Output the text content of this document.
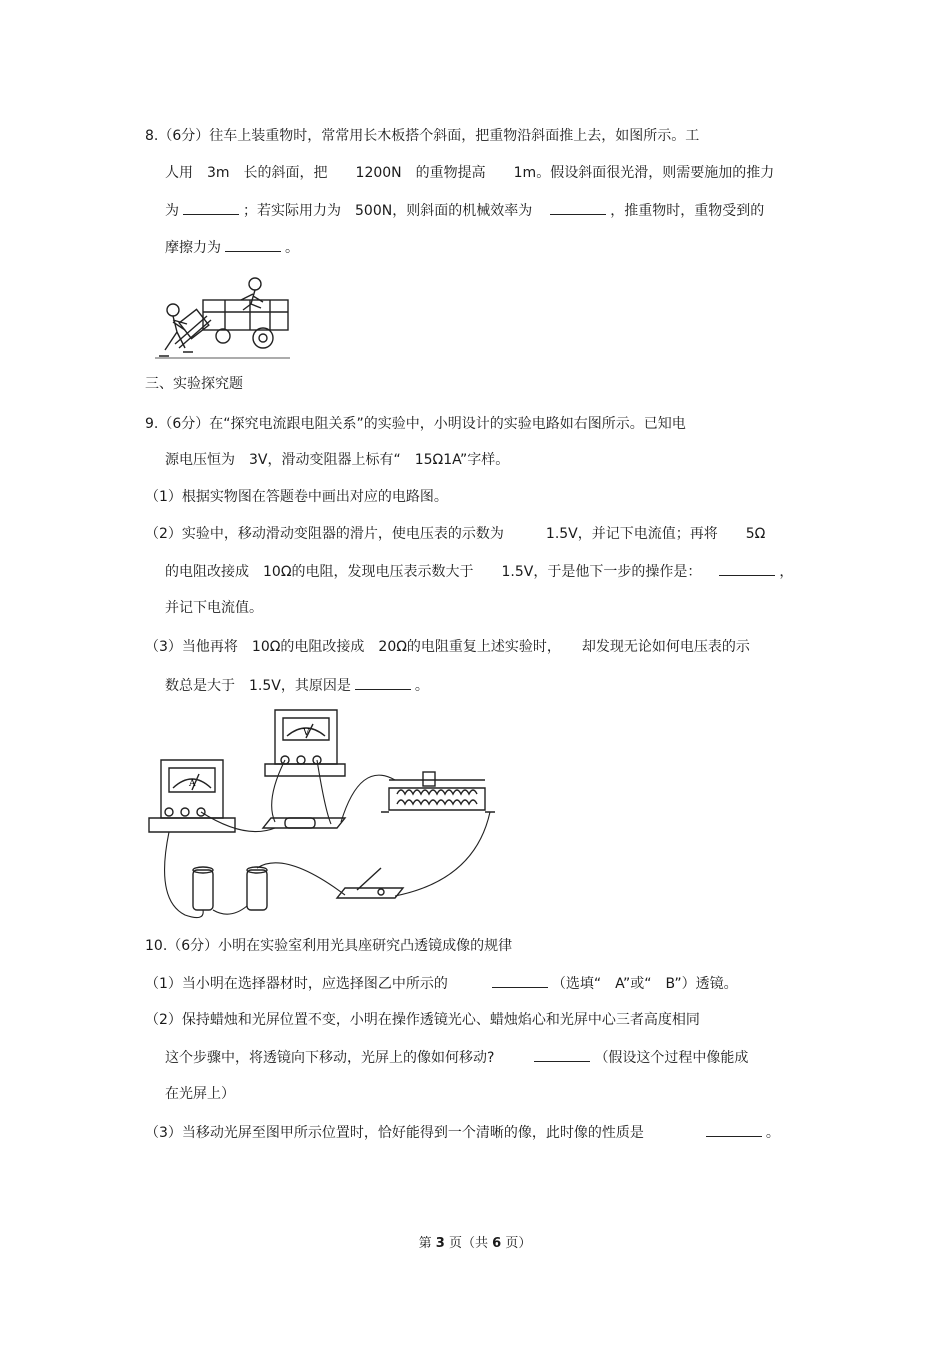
8.（6分）往车上装重物时，常常用长木板搭个斜面，把重物沿斜面推上去，如图所示。工
人用　3m　长的斜面，把　　1200N　的重物提高　　1m。假设斜面很光滑，则需要施加的推力
为	；若实际用力为　500N，则斜面的机械效率为	，推重物时，重物受到的
摩擦力为	。
三、实验探究题
9.（6分）在“探究电流跟电阻关系”的实验中，小明设计的实验电路如右图所示。已知电
源电压恒为　3V，滑动变阻器上标有“　15Ω1A”字样。
（1）根据实物图在答题卷中画出对应的电路图。
（2）实验中，移动滑动变阻器的滑片，使电压表的示数为　　　1.5V，并记下电流值；再将　　5Ω
的电阻改接成　10Ω的电阻，发现电压表示数大于　　1.5V，于是他下一步的操作是：	，
并记下电流值。
（3）当他再将　10Ω的电阻改接成　20Ω的电阻重复上述实验时，　　却发现无论如何电压表的示
数总是大于　1.5V，其原因是	。
A
V
10.（6分）小明在实验室利用光具座研究凸透镜成像的规律
（1）当小明在选择器材时，应选择图乙中所示的	（选填“　A”或“　B”）透镜。
（2）保持蜡烛和光屏位置不变，小明在操作透镜光心、蜡烛焰心和光屏中心三者高度相同
这个步骤中，将透镜向下移动，光屏上的像如何移动?	（假设这个过程中像能成
在光屏上）
（3）当移动光屏至图甲所示位置时，恰好能得到一个清晰的像，此时像的性质是	。
第 3 页（共 6 页）
